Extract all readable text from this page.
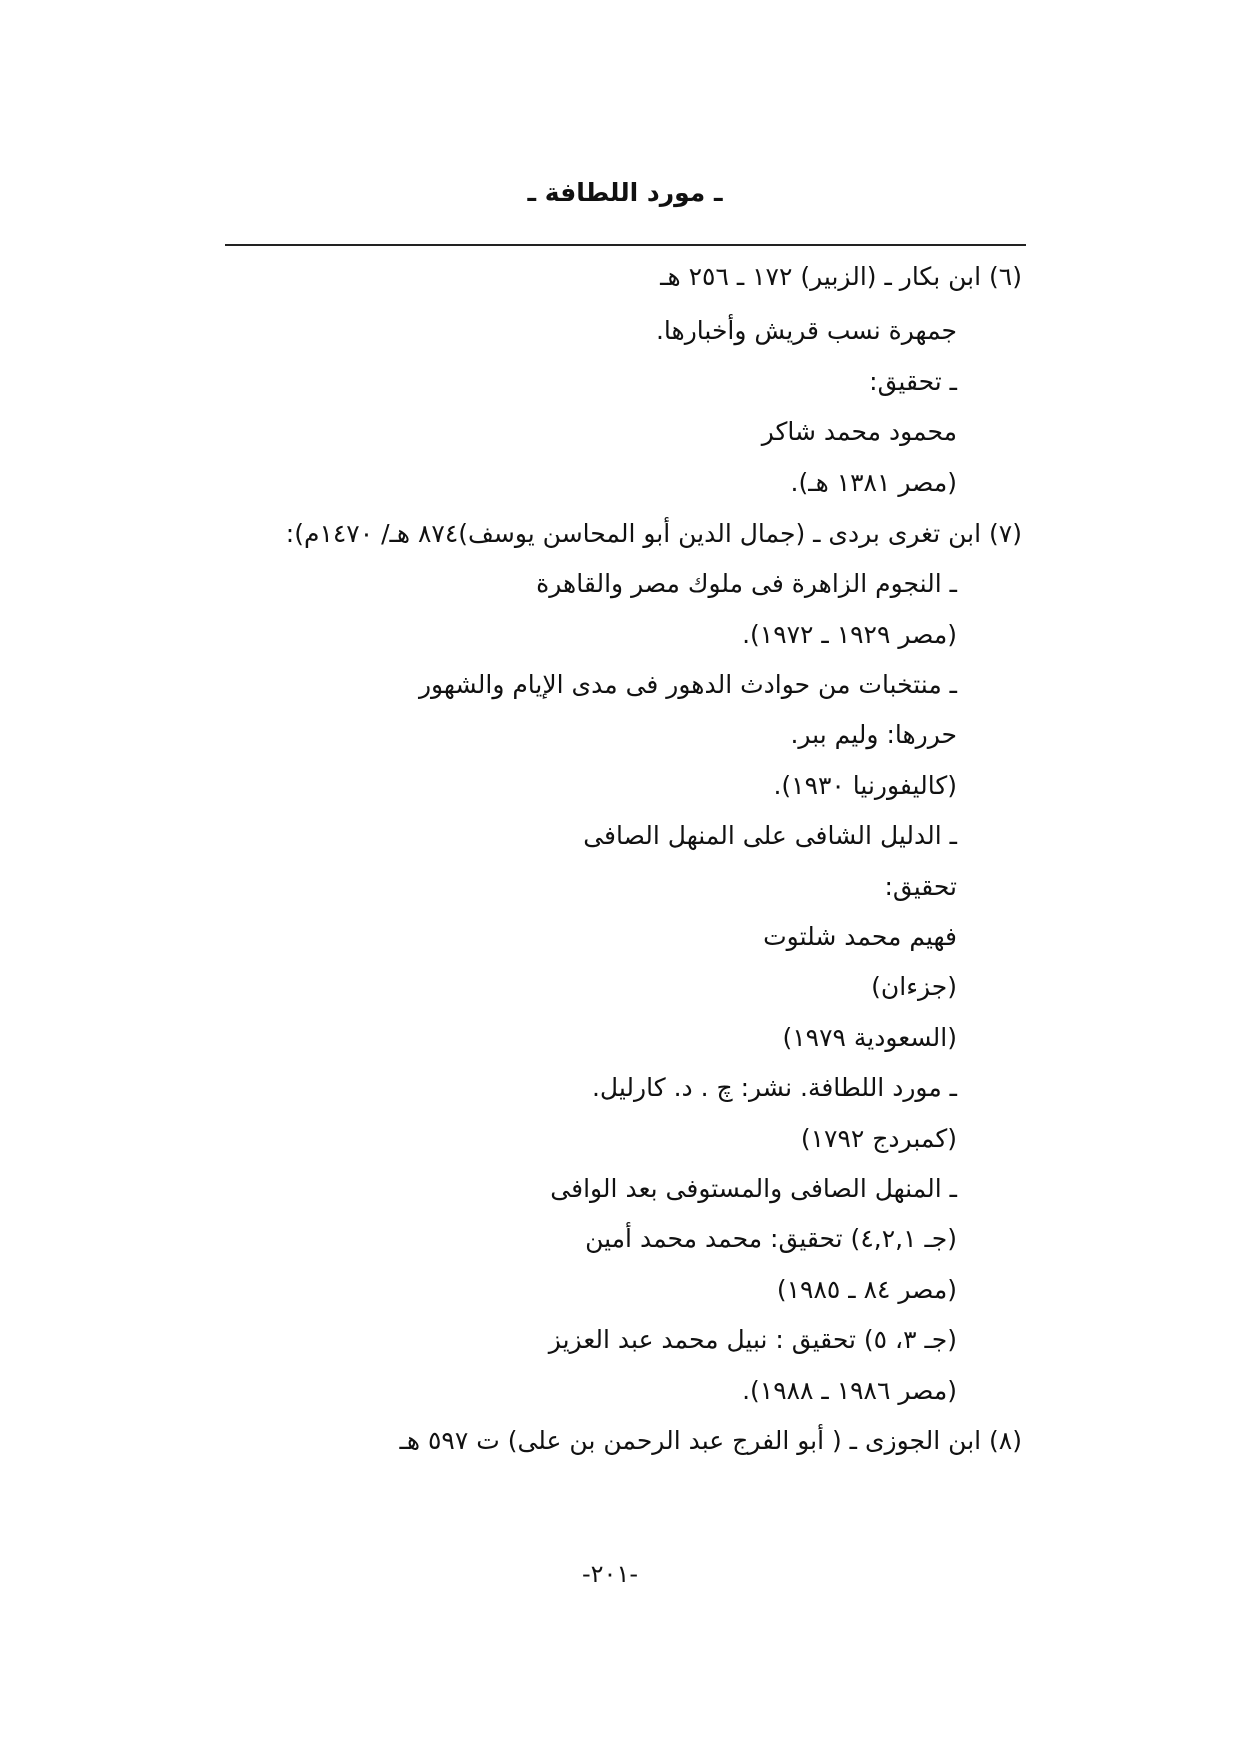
ـ مورد اللطافة ـ
(٦) ابن بكار ـ (الزبير) ١٧٢ ـ ٢٥٦ هـ
جمهرة نسب قريش وأخبارها.
ـ تحقيق:
محمود محمد شاكر
(مصر ١٣٨١ هـ).
(٧) ابن تغرى بردى ـ (جمال الدين أبو المحاسن يوسف)٨٧٤ هـ/ ١٤٧٠م):
ـ النجوم الزاهرة فى ملوك مصر والقاهرة
(مصر ١٩٢٩ ـ ١٩٧٢).
ـ منتخبات من حوادث الدهور فى مدى الإيام والشهور
حررها: وليم ببر.
(كاليفورنيا ١٩٣٠).
ـ الدليل الشافى على المنهل الصافى
تحقيق:
فهيم محمد شلتوت
(جزءان)
(السعودية ١٩٧٩)
ـ مورد اللطافة. نشر: چ . د. كارليل.
(كمبردج ١٧٩٢)
ـ المنهل الصافى والمستوفى بعد الوافى
(جـ ٤,٢,١) تحقيق: محمد محمد أمين
(مصر ٨٤ ـ ١٩٨٥)
(جـ ٣، ٥) تحقيق : نبيل محمد عبد العزيز
(مصر ١٩٨٦ ـ ١٩٨٨).
(٨) ابن الجوزى ـ ( أبو الفرج عبد الرحمن بن على) ت ٥٩٧ هـ
-٢٠١-
